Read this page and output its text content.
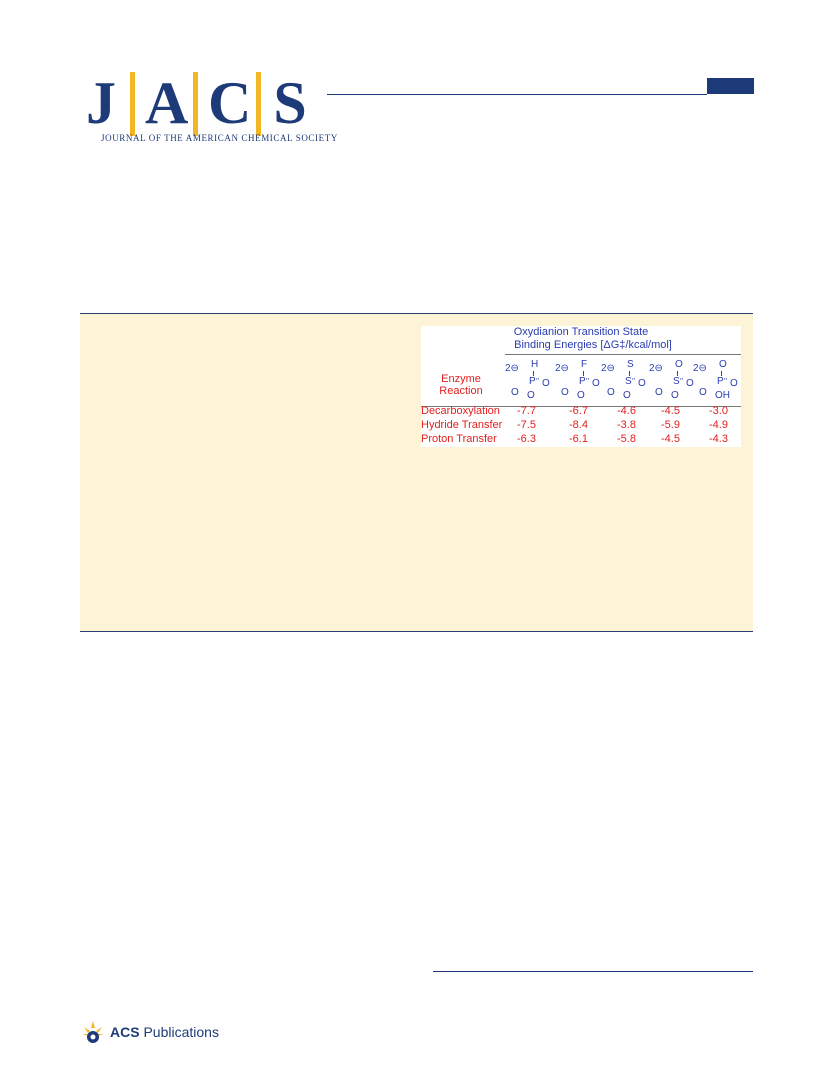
J A C S
JOURNAL OF THE AMERICAN CHEMICAL SOCIETY
Oxydianion Transition State
Binding Energies [ΔG‡/kcal/mol]
Enzyme
Reaction
2⊖ H
P '' O
O O
2⊖ F
P '' O
O O
2⊖ S
S '' O
O O
2⊖ O
S '' O
O O
2⊖ O
P '' O
O OH
Decarboxylation -7.7	-6.7	-4.6 -4.5	-3.0
Hydride Transfer -7.5	-8.4	-3.8 -5.9	-4.9
Proton Transfer -6.3	-6.1	-5.8 -4.5	-4.3
ACS Publications
